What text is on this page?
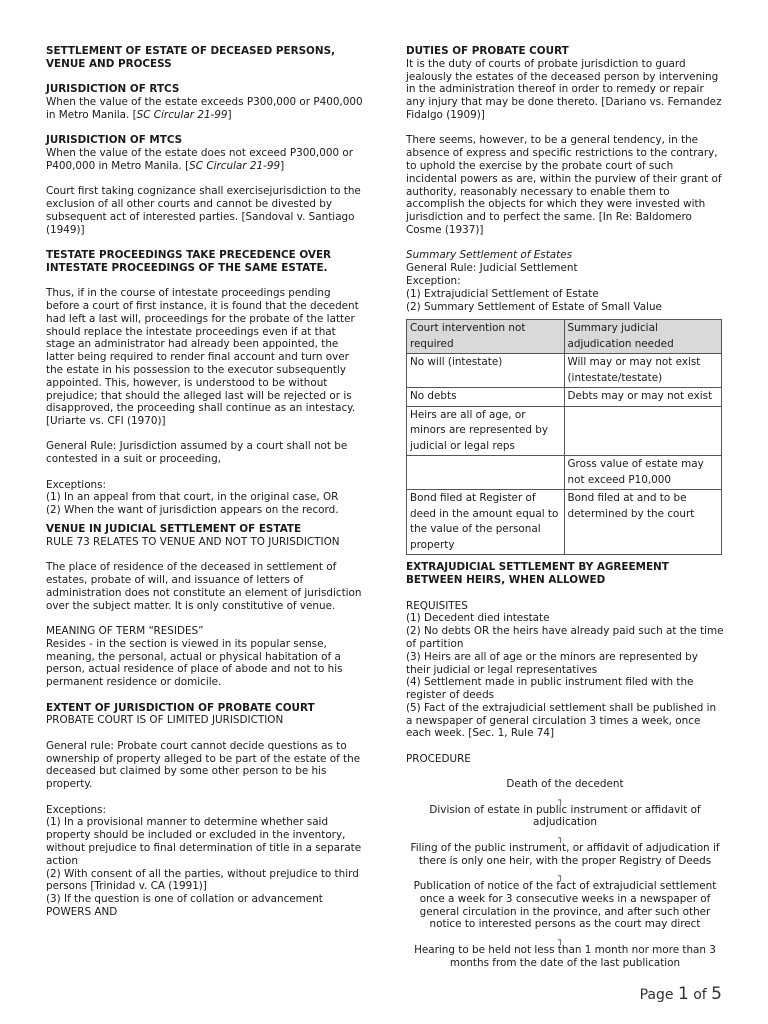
SETTLEMENT OF ESTATE OF DECEASED PERSONS, VENUE AND PROCESS
JURISDICTION OF RTCS
When the value of the estate exceeds P300,000 or P400,000 in Metro Manila. [SC Circular 21-99]
JURISDICTION OF MTCS
When the value of the estate does not exceed P300,000 or P400,000 in Metro Manila. [SC Circular 21-99]
Court first taking cognizance shall exercisejurisdiction to the exclusion of all other courts and cannot be divested by subsequent act of interested parties. [Sandoval v. Santiago (1949)]
TESTATE PROCEEDINGS TAKE PRECEDENCE OVER INTESTATE PROCEEDINGS OF THE SAME ESTATE.
Thus, if in the course of intestate proceedings pending before a court of first instance, it is found that the decedent had left a last will, proceedings for the probate of the latter should replace the intestate proceedings even if at that stage an administrator had already been appointed, the latter being required to render final account and turn over the estate in his possession to the executor subsequently appointed. This, however, is understood to be without prejudice; that should the alleged last will be rejected or is disapproved, the proceeding shall continue as an intestacy. [Uriarte vs. CFI (1970)]
General Rule: Jurisdiction assumed by a court shall not be contested in a suit or proceeding,
Exceptions:
(1) In an appeal from that court, in the original case, OR
(2) When the want of jurisdiction appears on the record.
VENUE IN JUDICIAL SETTLEMENT OF ESTATE
RULE 73 RELATES TO VENUE AND NOT TO JURISDICTION
The place of residence of the deceased in settlement of estates, probate of will, and issuance of letters of administration does not constitute an element of jurisdiction over the subject matter. It is only constitutive of venue.
MEANING OF TERM “RESIDES”
Resides - in the section is viewed in its popular sense, meaning, the personal, actual or physical habitation of a person, actual residence of place of abode and not to his permanent residence or domicile.
EXTENT OF JURISDICTION OF PROBATE COURT
PROBATE COURT IS OF LIMITED JURISDICTION
General rule: Probate court cannot decide questions as to ownership of property alleged to be part of the estate of the deceased but claimed by some other person to be his property.
Exceptions:
(1) In a provisional manner to determine whether said property should be included or excluded in the inventory, without prejudice to final determination of title in a separate action
(2) With consent of all the parties, without prejudice to third persons [Trinidad v. CA (1991)]
(3) If the question is one of collation or advancement
POWERS AND
DUTIES OF PROBATE COURT
It is the duty of courts of probate jurisdiction to guard jealously the estates of the deceased person by intervening in the administration thereof in order to remedy or repair any injury that may be done thereto. [Dariano vs. Fernandez Fidalgo (1909)]
There seems, however, to be a general tendency, in the absence of express and specific restrictions to the contrary, to uphold the exercise by the probate court of such incidental powers as are, within the purview of their grant of authority, reasonably necessary to enable them to accomplish the objects for which they were invested with jurisdiction and to perfect the same. [In Re: Baldomero Cosme (1937)]
Summary Settlement of Estates
General Rule: Judicial Settlement
Exception:
(1) Extrajudicial Settlement of Estate
(2) Summary Settlement of Estate of Small Value
Court intervention not required	Summary judicial adjudication needed
No will (intestate)	Will may or may not exist (intestate/testate)
No debts	Debts may or may not exist
Heirs are all of age, or minors are represented by judicial or legal reps	
	Gross value of estate may not exceed P10,000
Bond filed at Register of deed in the amount equal to the value of the personal property	Bond filed at and to be determined by the court
EXTRAJUDICIAL SETTLEMENT BY AGREEMENT BETWEEN HEIRS, WHEN ALLOWED
REQUISITES
(1) Decedent died intestate
(2) No debts OR the heirs have already paid such at the time of partition
(3) Heirs are all of age or the minors are represented by their judicial or legal representatives
(4) Settlement made in public instrument filed with the register of deeds
(5) Fact of the extrajudicial settlement shall be published in a newspaper of general circulation 3 times a week, once each week. [Sec. 1, Rule 74]
PROCEDURE
Death of the decedent
┐
Division of estate in public instrument or affidavit of adjudication
┐
Filing of the public instrument, or affidavit of adjudication if there is only one heir, with the proper Registry of Deeds
┐
Publication of notice of the fact of extrajudicial settlement once a week for 3 consecutive weeks in a newspaper of general circulation in the province, and after such other notice to interested persons as the court may direct
┐
Hearing to be held not less than 1 month nor more than 3 months from the date of the last publication
Page 1 of 5
